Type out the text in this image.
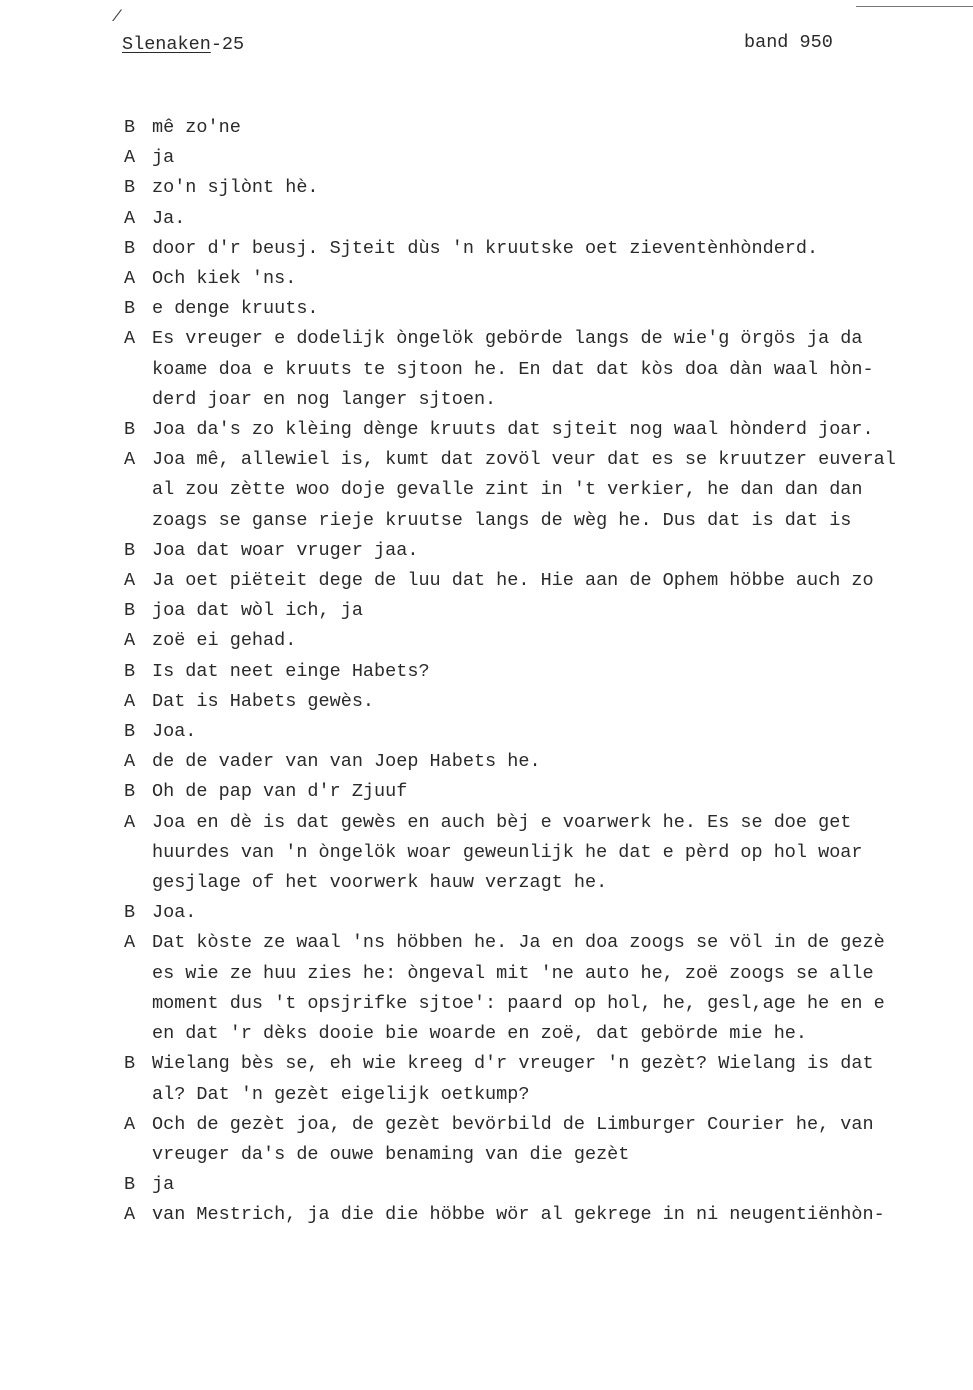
/
Slenaken-25	band 950
B mê zo'ne
A ja
B zo'n sjlònt hè.
A Ja.
B door d'r beusj. Sjteit dùs 'n kruutske oet zieventènhònderd.
A Och kiek 'ns.
B e denge kruuts.
A Es vreuger e dodelijk òngelök gebörde langs de wie'g örgös ja da
koame doa e kruuts te sjtoon he. En dat dat kòs doa dàn waal hòn-
derd joar en nog langer sjtoen.
B Joa da's zo klèing dènge kruuts dat sjteit nog waal hònderd joar.
A Joa mê, allewiel is, kumt dat zovöl veur dat es se kruutzer euveral
al zou zètte woo doje gevalle zint in 't verkier, he dan dan dan
zoags se ganse rieje kruutse langs de wèg he. Dus dat is dat is
B Joa dat woar vruger jaa.
A Ja oet piëteit dege de luu dat he. Hie aan de Ophem höbbe auch zo
B joa dat wòl ich, ja
A zoë ei gehad.
B Is dat neet einge Habets?
A Dat is Habets gewès.
B Joa.
A de de vader van van Joep Habets he.
B Oh de pap van d'r Zjuuf
A Joa en dè is dat gewès en auch bèj e voarwerk he. Es se doe get
huurdes van 'n òngelök woar geweunlijk he dat e pèrd op hol woar
gesjlage of het voorwerk hauw verzagt he.
B Joa.
A Dat kòste ze waal 'ns höbben he. Ja en doa zoogs se völ in de gezè
es wie ze huu zies he: òngeval mit 'ne auto he, zoë zoogs se alle
moment dus 't opsjrifke sjtoe': paard op hol, he, gesl,age he en e
en dat 'r dèks dooie bie woarde en zoë, dat gebörde mie he.
B Wielang bès se, eh wie kreeg d'r vreuger 'n gezèt? Wielang is dat
al? Dat 'n gezèt eigelijk oetkump?
A Och de gezèt joa, de gezèt bevörbild de Limburger Courier he, van
vreuger da's de ouwe benaming van die gezèt
B ja
A van Mestrich, ja die die höbbe wör al gekrege in ni neugentiënhòn-
